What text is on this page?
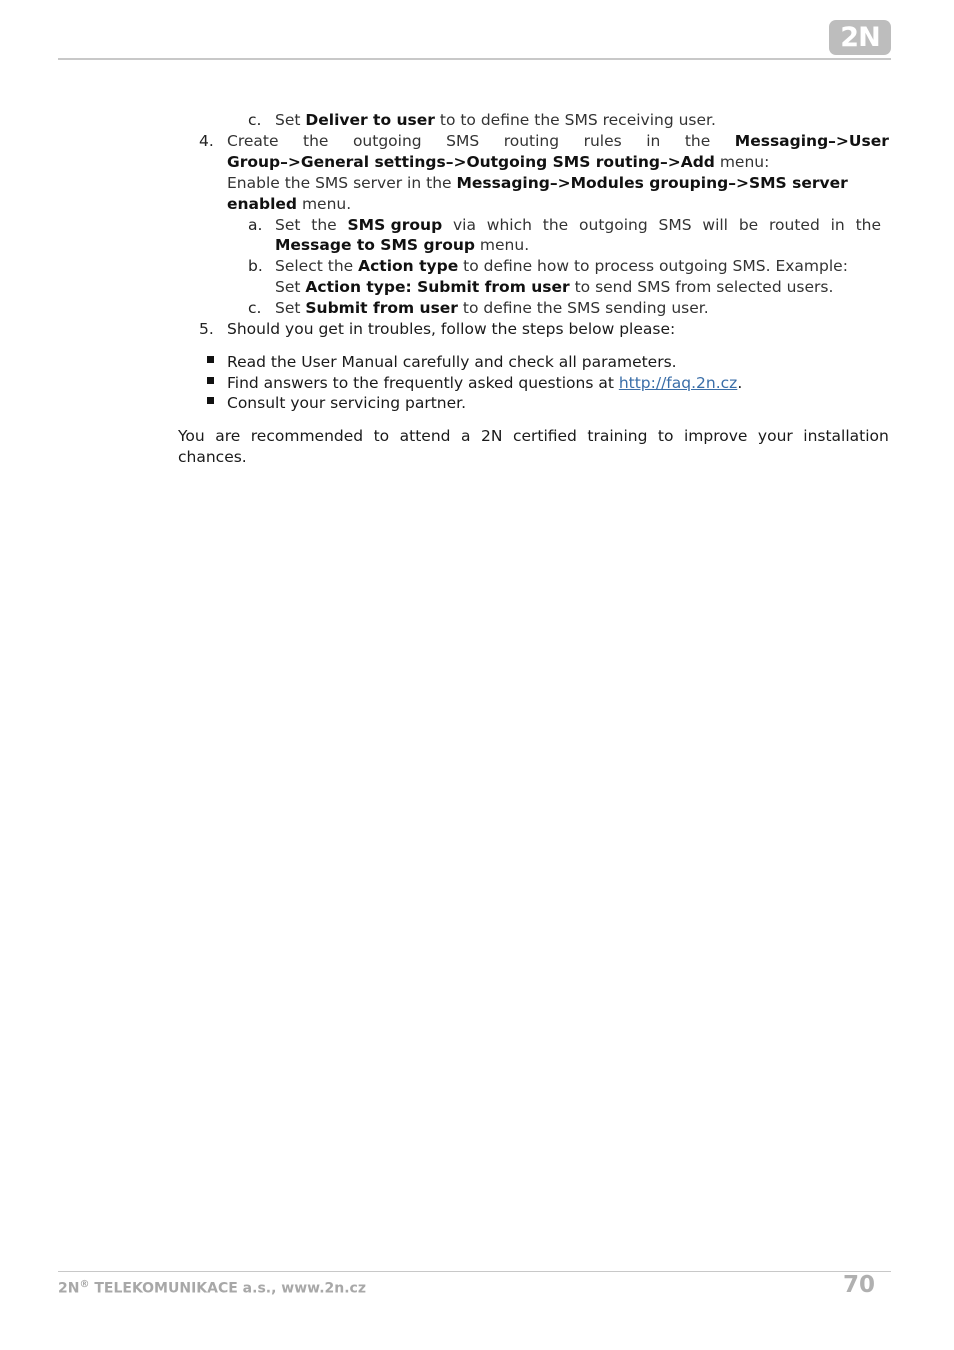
2N
c. Set Deliver to user to to define the SMS receiving user.
4. Create the outgoing SMS routing rules in the Messaging–>User
Group–>General settings–>Outgoing SMS routing–>Add menu:
Enable the SMS server in the Messaging–>Modules grouping–>SMS server
enabled menu.
a. Set the SMS group via which the outgoing SMS will be routed in the
Message to SMS group menu.
b. Select the Action type to define how to process outgoing SMS. Example:
Set Action type: Submit from user to send SMS from selected users.
c. Set Submit from user to define the SMS sending user.
5. Should you get in troubles, follow the steps below please:
Read the User Manual carefully and check all parameters.
Find answers to the frequently asked questions at http://faq.2n.cz.
Consult your servicing partner.
You are recommended to attend a 2N certified training to improve your installation
chances.
2N® TELEKOMUNIKACE a.s., www.2n.cz	70
